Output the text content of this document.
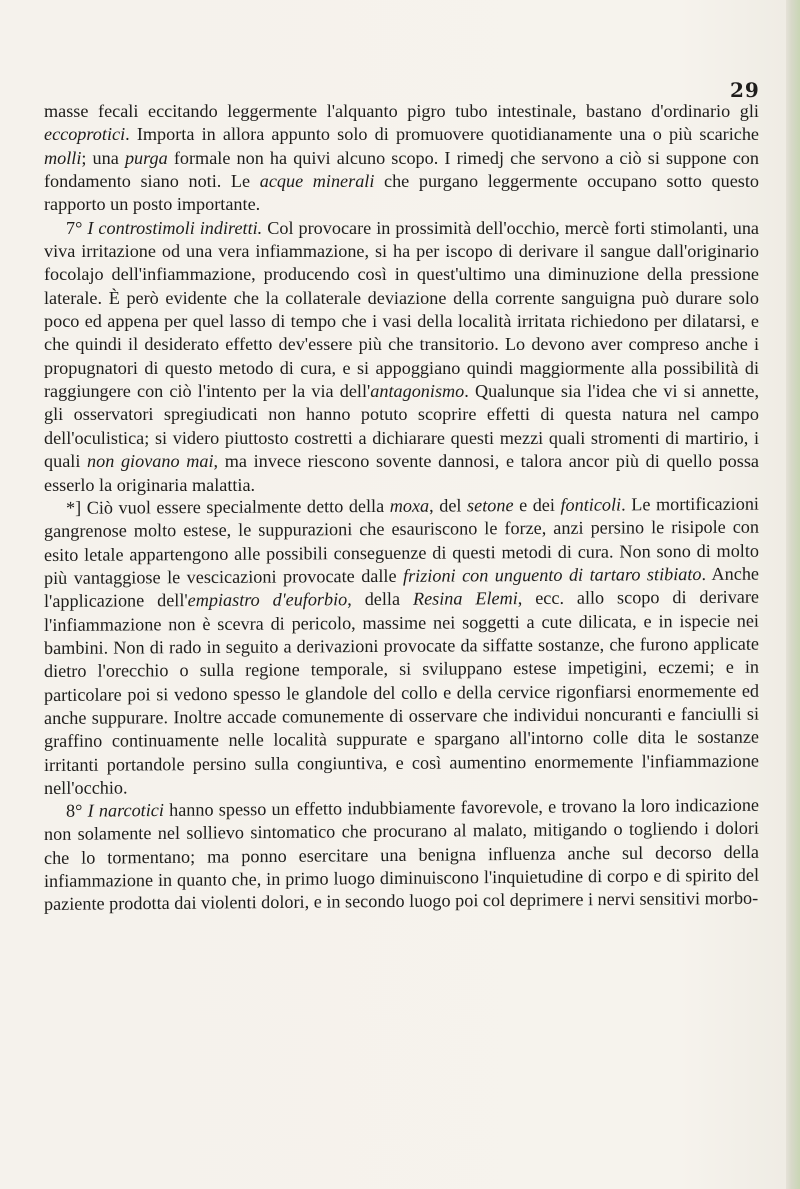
29

masse fecali eccitando leggermente l'alquanto pigro tubo intestinale, bastano d'ordinario gli eccoprotici. Importa in allora appunto solo di promuovere quotidianamente una o più scariche molli; una purga formale non ha quivi alcuno scopo. I rimedj che servono a ciò si suppone con fondamento siano noti. Le acque minerali che purgano leggermente occupano sotto questo rapporto un posto importante.

7° I controstimoli indiretti. Col provocare in prossimità dell'occhio, mercè forti stimolanti, una viva irritazione od una vera infiammazione, si ha per iscopo di derivare il sangue dall'originario focolajo dell'infiammazione, producendo così in quest'ultimo una diminuzione della pressione laterale. È però evidente che la collaterale deviazione della corrente sanguigna può durare solo poco ed appena per quel lasso di tempo che i vasi della località irritata richiedono per dilatarsi, e che quindi il desiderato effetto dev'essere più che transitorio. Lo devono aver compreso anche i propugnatori di questo metodo di cura, e si appoggiano quindi maggiormente alla possibilità di raggiungere con ciò l'intento per la via dell'antagonismo. Qualunque sia l'idea che vi si annette, gli osservatori spregiudicati non hanno potuto scoprire effetti di questa natura nel campo dell'oculistica; si videro piuttosto costretti a dichiarare questi mezzi quali stromenti di martirio, i quali non giovano mai, ma invece riescono sovente dannosi, e talora ancor più di quello possa esserlo la originaria malattia.

*] Ciò vuol essere specialmente detto della moxa, del setone e dei fonticoli. Le mortificazioni gangrenose molto estese, le suppurazioni che esauriscono le forze, anzi persino le risipole con esito letale appartengono alle possibili conseguenze di questi metodi di cura. Non sono di molto più vantaggiose le vescicazioni provocate dalle frizioni con unguento di tartaro stibiato. Anche l'applicazione dell'empiastro d'euforbio, della Resina Elemi, ecc. allo scopo di derivare l'infiammazione non è scevra di pericolo, massime nei soggetti a cute dilicata, e in ispecie nei bambini. Non di rado in seguito a derivazioni provocate da siffatte sostanze, che furono applicate dietro l'orecchio o sulla regione temporale, si sviluppano estese impetigini, eczemi; e in particolare poi si vedono spesso le glandole del collo e della cervice rigonfiarsi enormemente ed anche suppurare. Inoltre accade comunemente di osservare che individui noncuranti e fanciulli si graffino continuamente nelle località suppurate e spargano all'intorno colle dita le sostanze irritanti portandole persino sulla congiuntiva, e così aumentino enormemente l'infiammazione nell'occhio.

8° I narcotici hanno spesso un effetto indubbiamente favorevole, e trovano la loro indicazione non solamente nel sollievo sintomatico che procurano al malato, mitigando o togliendo i dolori che lo tormentano; ma ponno esercitare una benigna influenza anche sul decorso della infiammazione in quanto che, in primo luogo diminuiscono l'inquietudine di corpo e di spirito del paziente prodotta dai violenti dolori, e in secondo luogo poi col deprimere i nervi sensitivi morbo-
